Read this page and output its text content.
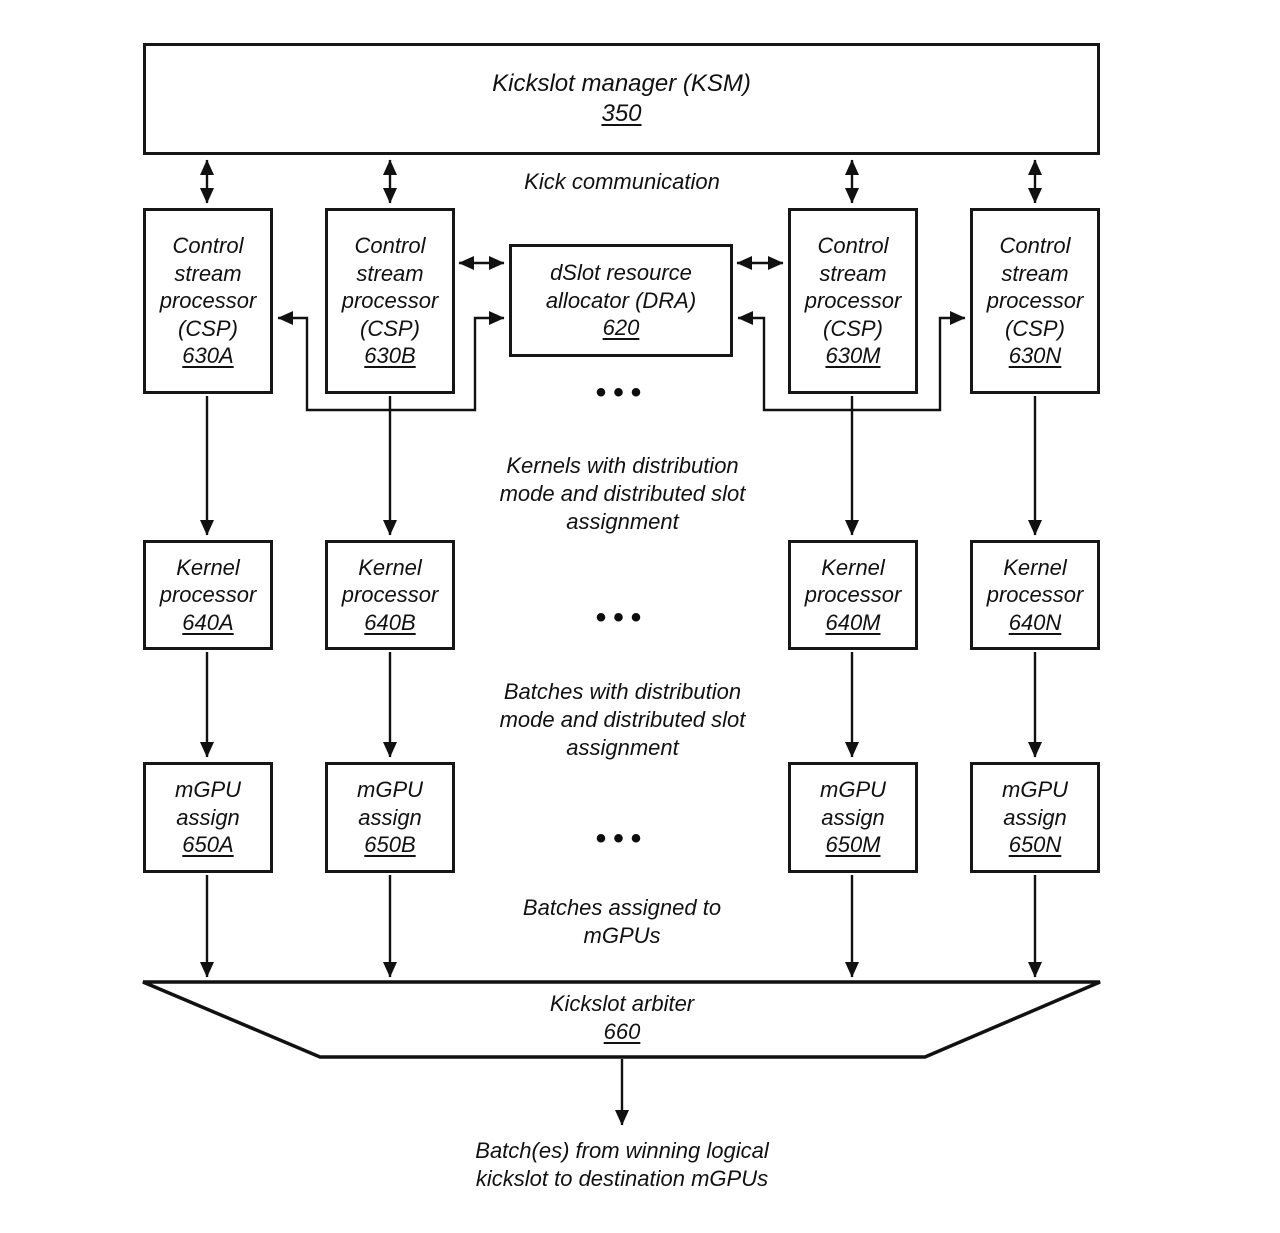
Kickslot manager (KSM)
350
Control stream processor (CSP)
630A
Control stream processor (CSP)
630B
Control stream processor (CSP)
630M
Control stream processor (CSP)
630N
dSlot resource allocator (DRA)
620
Kernel processor
640A
Kernel processor
640B
Kernel processor
640M
Kernel processor
640N
mGPU assign
650A
mGPU assign
650B
mGPU assign
650M
mGPU assign
650N
Kickslot arbiter
660
Kick communication
Kernels with distribution mode and distributed slot assignment
Batches with distribution mode and distributed slot assignment
Batches assigned to mGPUs
Batch(es) from winning logical kickslot to destination mGPUs
•••
•••
•••
